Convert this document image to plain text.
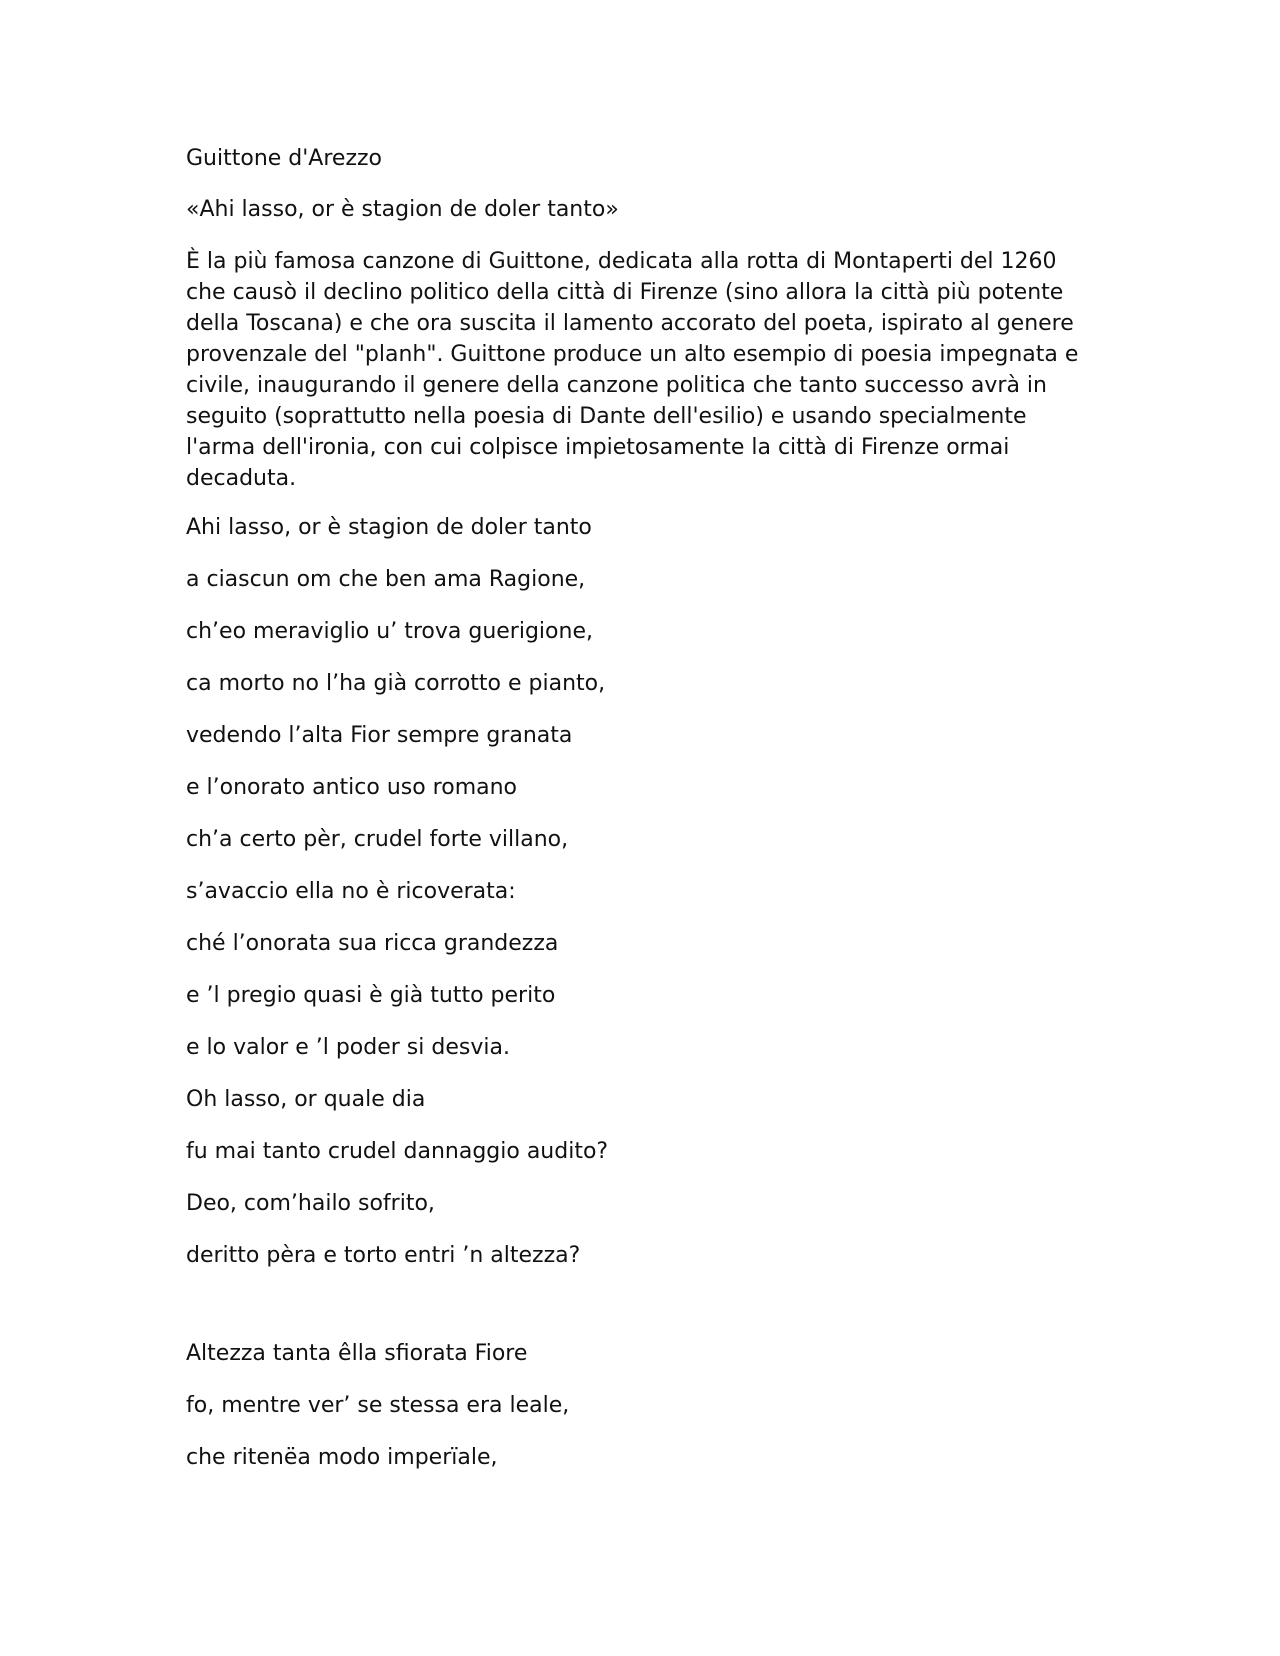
Guittone d'Arezzo
«Ahi lasso, or è stagion de doler tanto»
È la più famosa canzone di Guittone, dedicata alla rotta di Montaperti del 1260 che causò il declino politico della città di Firenze (sino allora la città più potente della Toscana) e che ora suscita il lamento accorato del poeta, ispirato al genere provenzale del "planh". Guittone produce un alto esempio di poesia impegnata e civile, inaugurando il genere della canzone politica che tanto successo avrà in seguito (soprattutto nella poesia di Dante dell'esilio) e usando specialmente l'arma dell'ironia, con cui colpisce impietosamente la città di Firenze ormai decaduta.
Ahi lasso, or è stagion de doler tanto
a ciascun om che ben ama Ragione,
ch’eo meraviglio u’ trova guerigione,
ca morto no l’ha già corrotto e pianto,
vedendo l’alta Fior sempre granata
e l’onorato antico uso romano
ch’a certo pèr, crudel forte villano,
s’avaccio ella no è ricoverata:
ché l’onorata sua ricca grandezza
e ’l pregio quasi è già tutto perito
e lo valor e ’l poder si desvia.
Oh lasso, or quale dia
fu mai tanto crudel dannaggio audito?
Deo, com’hailo sofrito,
deritto pèra e torto entri ’n altezza?
Altezza tanta êlla sfiorata Fiore
fo, mentre ver’ se stessa era leale,
che ritenëa modo imperïale,
